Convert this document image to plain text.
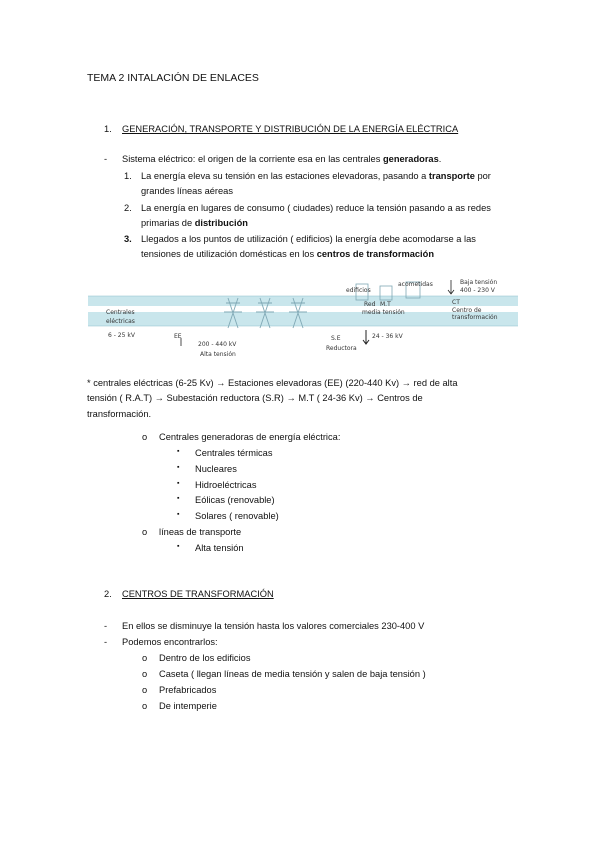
TEMA 2 INTALACIÓN DE ENLACES
1. GENERACIÓN, TRANSPORTE Y DISTRIBUCIÓN DE LA ENERGÍA ELÉCTRICA
- Sistema eléctrico: el origen de la corriente esa en las centrales generadoras.
1. La energía eleva su tensión en las estaciones elevadoras, pasando a transporte por
grandes líneas aéreas
2. La energía en lugares de consumo ( ciudades) reduce la tensión pasando a as redes
primarias de distribución
3. Llegados a los puntos de utilización ( edificios) la energía debe acomodarse a las
tensiones de utilización domésticas en los centros de transformación
Centrales
eléctricas
6 - 25 kV	EE
200 - 440 kV
Alta tensión
S.E
Reductora
24 - 36 kV
edificios
acometidas
Red M.T
media tensión
Baja tensión
400 - 230 V
CT
Centro de
transformación
* centrales eléctricas (6-25 Kv) → Estaciones elevadoras (EE) (220-440 Kv) → red de alta
tensión ( R.A.T) → Subestación reductora (S.R) → M.T ( 24-36 Kv) → Centros de
transformación.
o Centrales generadoras de energía eléctrica:
▪ Centrales térmicas
▪ Nucleares
▪ Hidroeléctricas
▪ Eólicas (renovable)
▪ Solares ( renovable)
o líneas de transporte
▪ Alta tensión
2. CENTROS DE TRANSFORMACIÓN
- En ellos se disminuye la tensión hasta los valores comerciales 230-400 V
- Podemos encontrarlos:
o Dentro de los edificios
o Caseta ( llegan líneas de media tensión y salen de baja tensión )
o Prefabricados
o De intemperie
